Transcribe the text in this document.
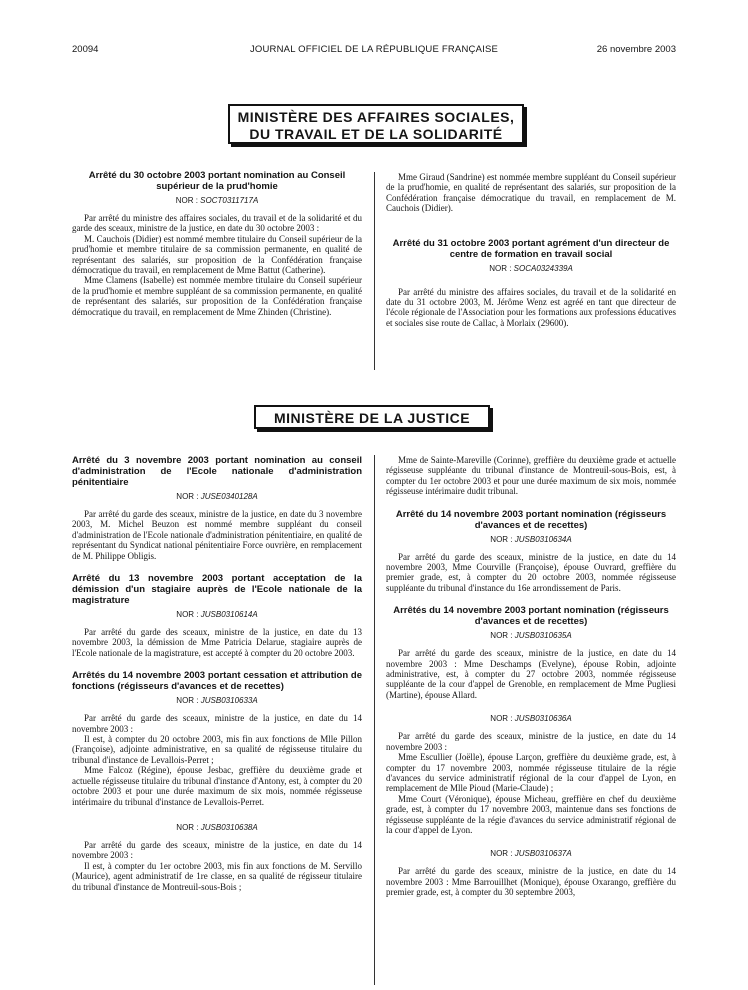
20094	JOURNAL OFFICIEL DE LA RÉPUBLIQUE FRANÇAISE	26 novembre 2003
MINISTÈRE DES AFFAIRES SOCIALES,
DU TRAVAIL ET DE LA SOLIDARITÉ
Arrêté du 30 octobre 2003 portant nomination au Conseil supérieur de la prud'homie
NOR : SOCT0311717A

Par arrêté du ministre des affaires sociales, du travail et de la solidarité et du garde des sceaux, ministre de la justice, en date du 30 octobre 2003 :

M. Cauchois (Didier) est nommé membre titulaire du Conseil supérieur de la prud'homie et membre titulaire de sa commission permanente, en qualité de représentant des salariés, sur proposition de la Confédération française démocratique du travail, en remplacement de Mme Battut (Catherine).

Mme Clamens (Isabelle) est nommée membre titulaire du Conseil supérieur de la prud'homie et membre suppléant de sa commission permanente, en qualité de représentant des salariés, sur proposition de la Confédération française démocratique du travail, en remplacement de Mme Zhinden (Christine).

Mme Giraud (Sandrine) est nommée membre suppléant du Conseil supérieur de la prud'homie, en qualité de représentant des salariés, sur proposition de la Confédération française démocratique du travail, en remplacement de M. Cauchois (Didier).

Arrêté du 31 octobre 2003 portant agrément d'un directeur de centre de formation en travail social
NOR : SOCA0324339A

Par arrêté du ministre des affaires sociales, du travail et de la solidarité en date du 31 octobre 2003, M. Jérôme Wenz est agréé en tant que directeur de l'école régionale de l'Association pour les formations aux professions éducatives et sociales sise route de Callac, à Morlaix (29600).

MINISTÈRE DE LA JUSTICE
Arrêté du 3 novembre 2003 portant nomination au conseil d'administration de l'Ecole nationale d'administration pénitentiaire
NOR : JUSE0340128A

Par arrêté du garde des sceaux, ministre de la justice, en date du 3 novembre 2003, M. Michel Beuzon est nommé membre suppléant du conseil d'administration de l'Ecole nationale d'administration pénitentiaire, en qualité de représentant du Syndicat national pénitentiaire Force ouvrière, en remplacement de M. Philippe Obligis.

Arrêté du 13 novembre 2003 portant acceptation de la démission d'un stagiaire auprès de l'Ecole nationale de la magistrature
NOR : JUSB0310614A

Par arrêté du garde des sceaux, ministre de la justice, en date du 13 novembre 2003, la démission de Mme Patricia Delarue, stagiaire auprès de l'Ecole nationale de la magistrature, est accepté à compter du 20 octobre 2003.

Arrêtés du 14 novembre 2003 portant cessation et attribution de fonctions (régisseurs d'avances et de recettes)
NOR : JUSB0310633A

Par arrêté du garde des sceaux, ministre de la justice, en date du 14 novembre 2003 :

Il est, à compter du 20 octobre 2003, mis fin aux fonctions de Mlle Pillon (Françoise), adjointe administrative, en sa qualité de régisseuse titulaire du tribunal d'instance de Levallois-Perret ;

Mme Falcoz (Régine), épouse Jesbac, greffière du deuxième grade et actuelle régisseuse titulaire du tribunal d'instance d'Antony, est, à compter du 20 octobre 2003 et pour une durée maximum de six mois, nommée régisseuse intérimaire du tribunal d'instance de Levallois-Perret.

NOR : JUSB0310638A

Par arrêté du garde des sceaux, ministre de la justice, en date du 14 novembre 2003 :

Il est, à compter du 1er octobre 2003, mis fin aux fonctions de M. Servillo (Maurice), agent administratif de 1re classe, en sa qualité de régisseur titulaire du tribunal d'instance de Montreuil-sous-Bois ;

Mme de Sainte-Mareville (Corinne), greffière du deuxième grade et actuelle régisseuse suppléante du tribunal d'instance de Montreuil-sous-Bois, est, à compter du 1er octobre 2003 et pour une durée maximum de six mois, nommée régisseuse intérimaire dudit tribunal.

Arrêté du 14 novembre 2003 portant nomination (régisseurs d'avances et de recettes)
NOR : JUSB0310634A

Par arrêté du garde des sceaux, ministre de la justice, en date du 14 novembre 2003, Mme Courville (Françoise), épouse Ouvrard, greffière du premier grade, est, à compter du 20 octobre 2003, nommée régisseuse suppléante du tribunal d'instance du 16e arrondissement de Paris.

Arrêtés du 14 novembre 2003 portant nomination (régisseurs d'avances et de recettes)
NOR : JUSB0310635A

Par arrêté du garde des sceaux, ministre de la justice, en date du 14 novembre 2003 : Mme Deschamps (Evelyne), épouse Robin, adjointe administrative, est, à compter du 27 octobre 2003, nommée régisseuse suppléante de la cour d'appel de Grenoble, en remplacement de Mme Pugliesi (Martine), épouse Allard.

NOR : JUSB0310636A

Par arrêté du garde des sceaux, ministre de la justice, en date du 14 novembre 2003 :

Mme Escullier (Joëlle), épouse Larçon, greffière du deuxième grade, est, à compter du 17 novembre 2003, nommée régisseuse titulaire de la régie d'avances du service administratif régional de la cour d'appel de Lyon, en remplacement de Mlle Pioud (Marie-Claude) ;

Mme Court (Véronique), épouse Micheau, greffière en chef du deuxième grade, est, à compter du 17 novembre 2003, maintenue dans ses fonctions de régisseuse suppléante de la régie d'avances du service administratif régional de la cour d'appel de Lyon.

NOR : JUSB0310637A

Par arrêté du garde des sceaux, ministre de la justice, en date du 14 novembre 2003 : Mme Barrouillhet (Monique), épouse Oxarango, greffière du premier grade, est, à compter du 30 septembre 2003,
